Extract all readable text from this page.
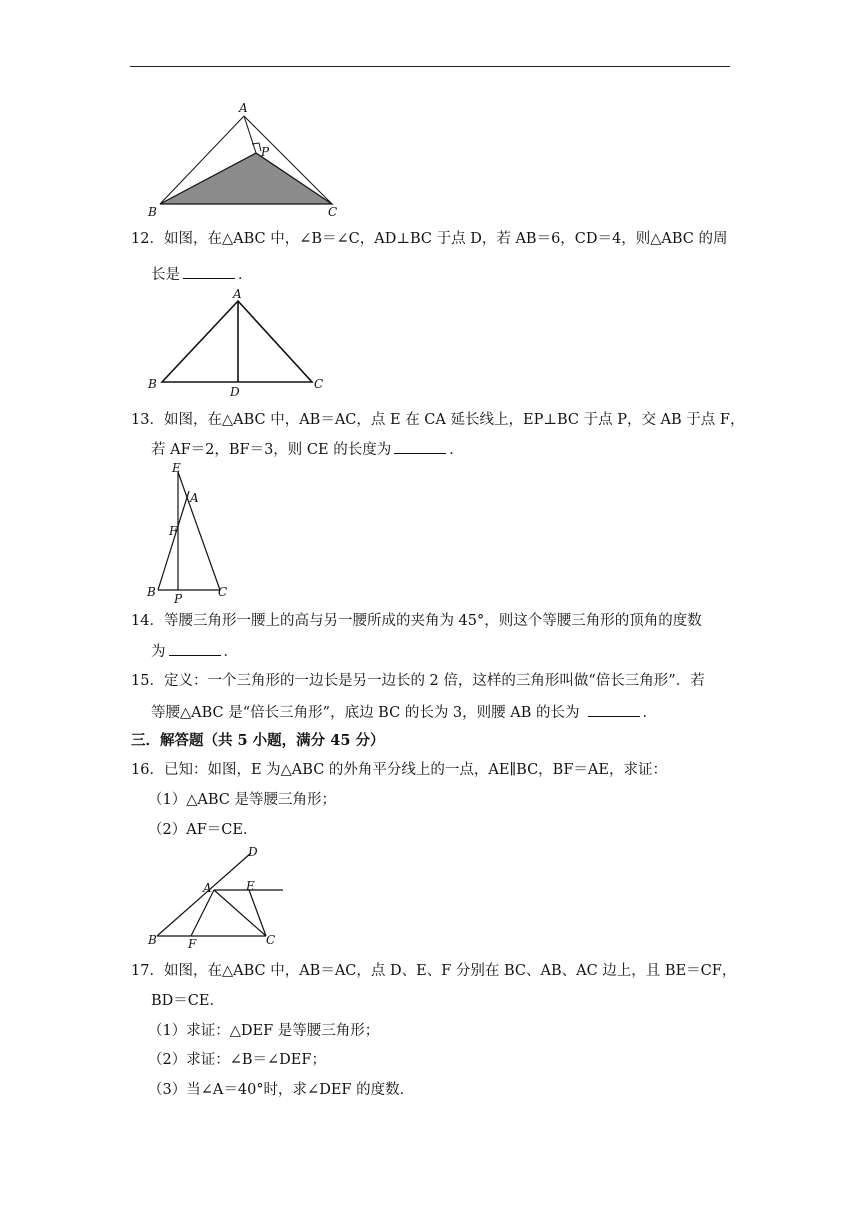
A
P
B	C
12．如图，在△ABC 中，∠B＝∠C，AD⊥BC 于点 D，若 AB＝6，CD＝4，则△ABC 的周
长是	．
A
B	C
D
13．如图，在△ABC 中，AB＝AC，点 E 在 CA 延长线上，EP⊥BC 于点 P，交 AB 于点 F，
若 AF＝2，BF＝3，则 CE 的长度为	．
E
A
F
B P	C
14．等腰三角形一腰上的高与另一腰所成的夹角为 45°，则这个等腰三角形的顶角的度数
为	．
15．定义：一个三角形的一边长是另一边长的 2 倍，这样的三角形叫做“倍长三角形”．若
等腰△ABC 是“倍长三角形”，底边 BC 的长为 3，则腰 AB 的长为	．
三．解答题（共 5 小题，满分 45 分）
16．已知：如图，E 为△ABC 的外角平分线上的一点，AE∥BC，BF＝AE，求证：
（1）△ABC 是等腰三角形；
（2）AF＝CE．
D
A	E
B	F	C
17．如图，在△ABC 中，AB＝AC，点 D、E、F 分别在 BC、AB、AC 边上，且 BE＝CF，
BD＝CE．
（1）求证：△DEF 是等腰三角形；
（2）求证：∠B＝∠DEF；
（3）当∠A＝40°时，求∠DEF 的度数．
